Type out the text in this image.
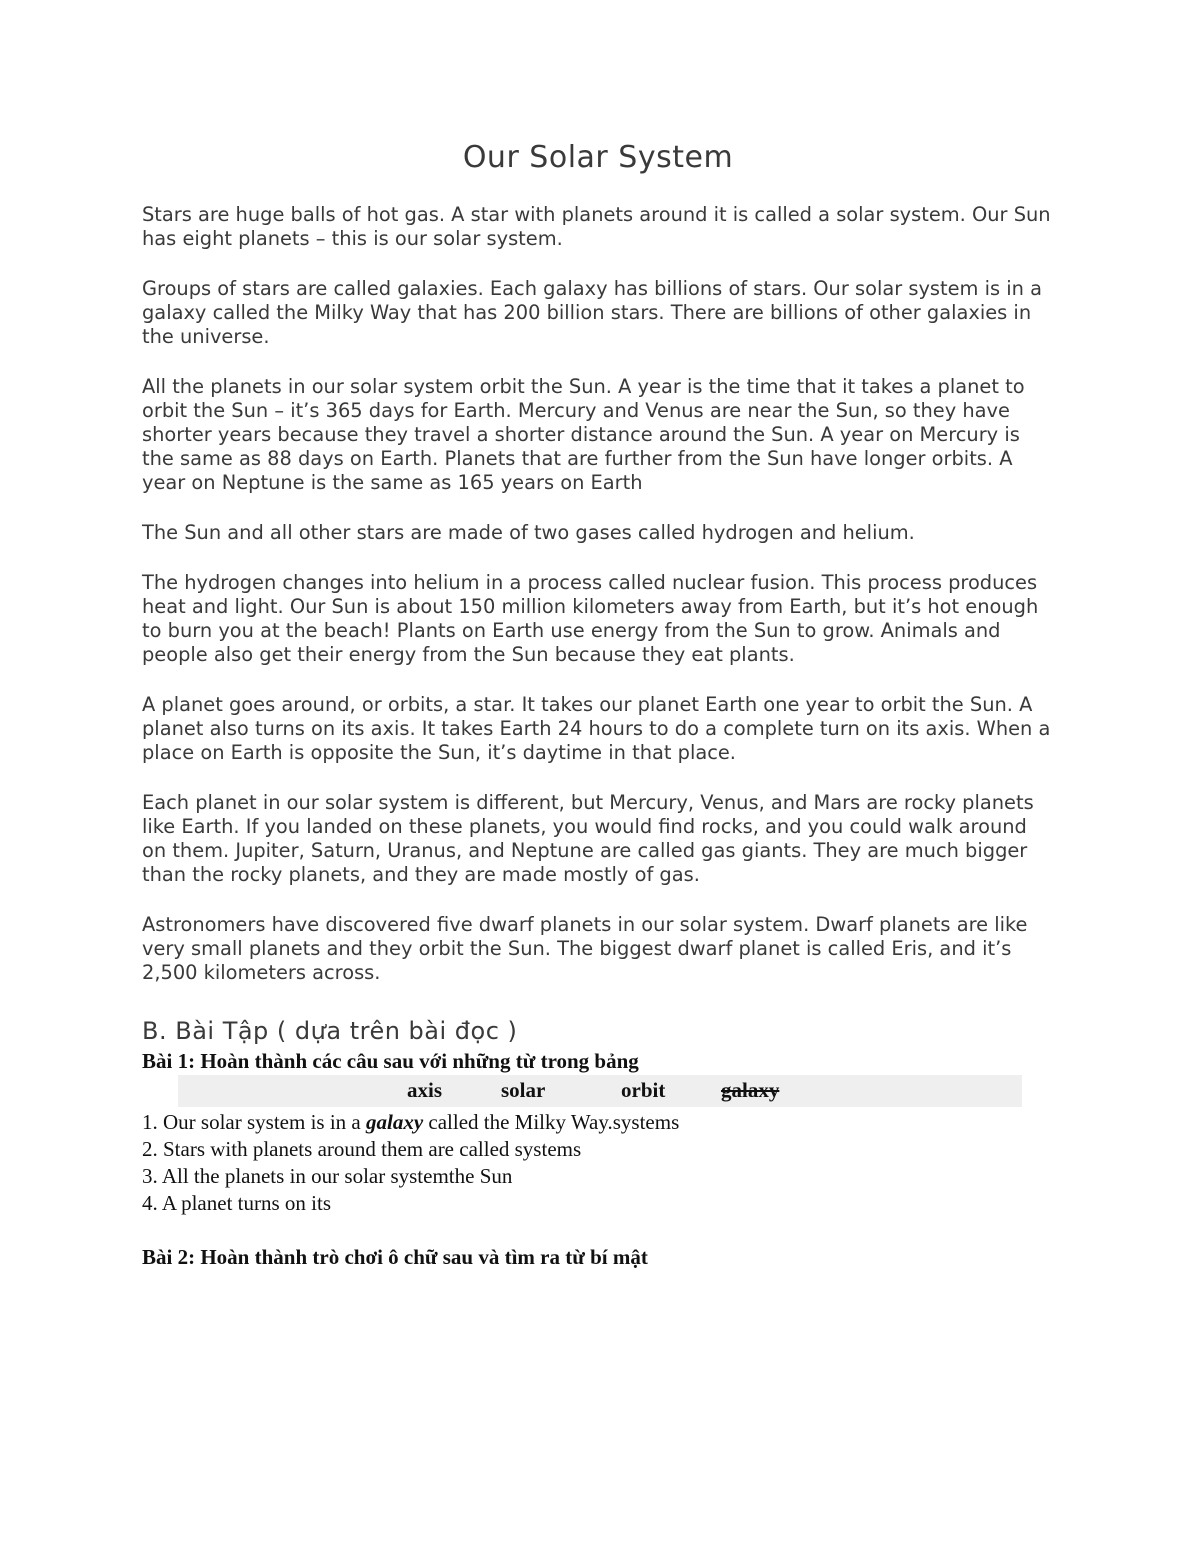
Our Solar System

Stars are huge balls of hot gas. A star with planets around it is called a solar system. Our Sun has eight planets – this is our solar system.

Groups of stars are called galaxies. Each galaxy has billions of stars. Our solar system is in a galaxy called the Milky Way that has 200 billion stars. There are billions of other galaxies in the universe.

All the planets in our solar system orbit the Sun. A year is the time that it takes a planet to orbit the Sun – it’s 365 days for Earth. Mercury and Venus are near the Sun, so they have shorter years because they travel a shorter distance around the Sun. A year on Mercury is the same as 88 days on Earth. Planets that are further from the Sun have longer orbits. A year on Neptune is the same as 165 years on Earth

The Sun and all other stars are made of two gases called hydrogen and helium.

The hydrogen changes into helium in a process called nuclear fusion. This process produces heat and light. Our Sun is about 150 million kilometers away from Earth, but it’s hot enough to burn you at the beach! Plants on Earth use energy from the Sun to grow. Animals and people also get their energy from the Sun because they eat plants.

A planet goes around, or orbits, a star. It takes our planet Earth one year to orbit the Sun. A planet also turns on its axis. It takes Earth 24 hours to do a complete turn on its axis. When a place on Earth is opposite the Sun, it’s daytime in that place.

Each planet in our solar system is different, but Mercury, Venus, and Mars are rocky planets like Earth. If you landed on these planets, you would find rocks, and you could walk around on them. Jupiter, Saturn, Uranus, and Neptune are called gas giants. They are much bigger than the rocky planets, and they are made mostly of gas.

Astronomers have discovered five dwarf planets in our solar system. Dwarf planets are like very small planets and they orbit the Sun. The biggest dwarf planet is called Eris, and it’s 2,500 kilometers across.

B. Bài Tập ( dựa trên bài đọc )

Bài 1: Hoàn thành các câu sau với những từ trong bảng

axis	solar	orbit	galaxy

1. Our solar system is in a galaxy called the Milky Way.systems

2. Stars with planets around them are called systems

3. All the planets in our solar systemthe Sun

4. A planet turns on its

Bài 2: Hoàn thành trò chơi ô chữ sau và tìm ra từ bí mật
